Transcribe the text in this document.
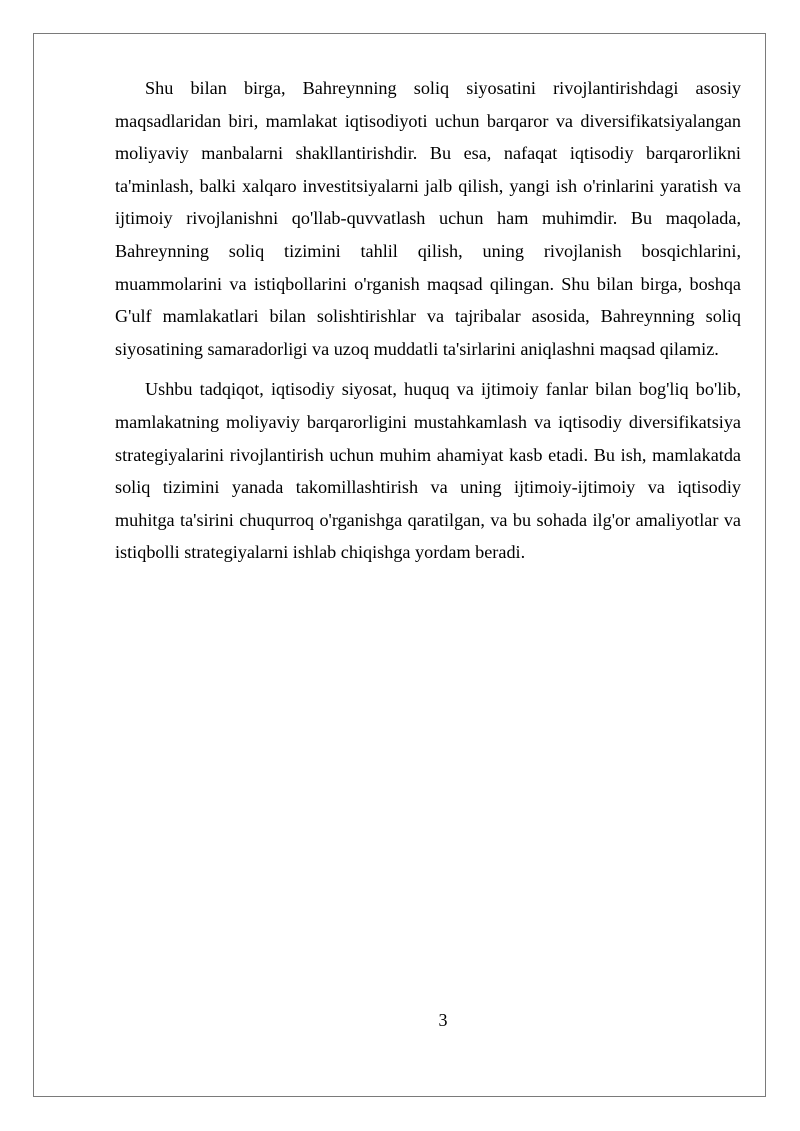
Shu bilan birga, Bahreynning soliq siyosatini rivojlantirishdagi asosiy maqsadlaridan biri, mamlakat iqtisodiyoti uchun barqaror va diversifikatsiyalangan moliyaviy manbalarni shakllantirishdir. Bu esa, nafaqat iqtisodiy barqarorlikni ta'minlash, balki xalqaro investitsiyalarni jalb qilish, yangi ish o'rinlarini yaratish va ijtimoiy rivojlanishni qo'llab-quvvatlash uchun ham muhimdir. Bu maqolada, Bahreynning soliq tizimini tahlil qilish, uning rivojlanish bosqichlarini, muammolarini va istiqbollarini o'rganish maqsad qilingan. Shu bilan birga, boshqa G'ulf mamlakatlari bilan solishtirishlar va tajribalar asosida, Bahreynning soliq siyosatining samaradorligi va uzoq muddatli ta'sirlarini aniqlashni maqsad qilamiz.

Ushbu tadqiqot, iqtisodiy siyosat, huquq va ijtimoiy fanlar bilan bog'liq bo'lib, mamlakatning moliyaviy barqarorligini mustahkamlash va iqtisodiy diversifikatsiya strategiyalarini rivojlantirish uchun muhim ahamiyat kasb etadi. Bu ish, mamlakatda soliq tizimini yanada takomillashtirish va uning ijtimoiy-ijtimoiy va iqtisodiy muhitga ta'sirini chuqurroq o'rganishga qaratilgan, va bu sohada ilg'or amaliyotlar va istiqbolli strategiyalarni ishlab chiqishga yordam beradi.

3
